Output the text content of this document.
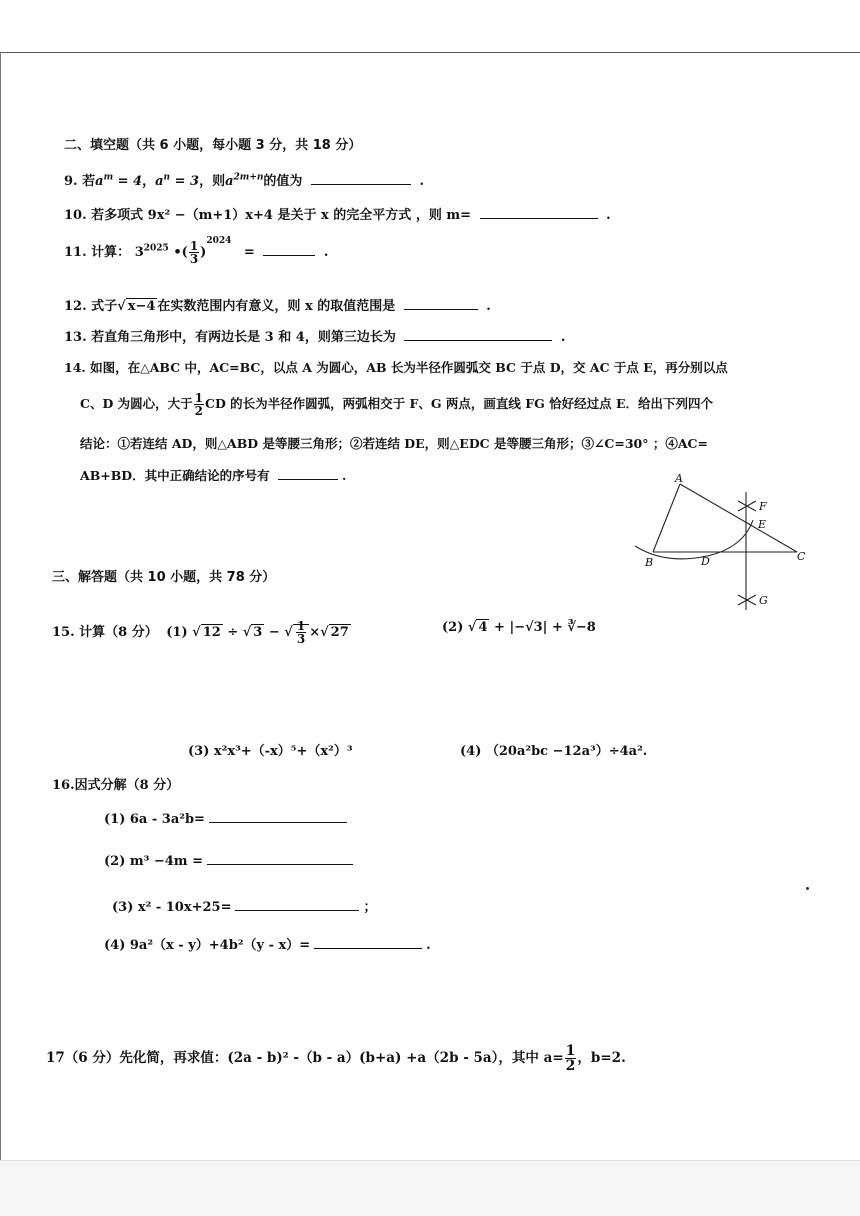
二、填空题（共 6 小题，每小题 3 分，共 18 分）
9. 若$a^m = 4$，$a^n = 3$，则$a^{2m+n}$的值为	.
10. 若多项式 9x² −（m+1）x+4 是关于 x 的完全平方式 ，则 m=	.
11. 计算： $3^{2025}$ •( $\frac{1}{3} )^{2024}$ =	.
12. 式子√ x−4 在实数范围内有意义，则 x 的取值范围是	.
13. 若直角三角形中，有两边长是 3 和 4，则第三边长为	.
14. 如图，在△ABC 中，AC=BC，以点 A 为圆心，AB 长为半径作圆弧交 BC 于点 D，交 AC 于点 E，再分别以点
C、D 为圆心，大于 $\frac{1}{2}$ CD 的长为半径作圆弧，两弧相交于 F、G 两点，画直线 FG 恰好经过点 E．给出下列四个
结论：①若连结 AD，则△ABD 是等腰三角形；②若连结 DE，则△EDC 是等腰三角形；③∠C=30° ；④AC=
AB+BD．其中正确结论的序号有	.	A
B	C
D
E
F
G
三、解答题（共 10 小题，共 78 分）
15. 计算（8 分） (1) √ 12 ÷ √ 3 − √ $\frac{1}{3}$ ×√ 27	(2) √ 4 + |−√3| + ∛−8
(3) x²x³+（-x）⁵+（x²）³	(4) （20a²bc −12a³）÷4a².
16.因式分解（8 分）
(1) 6a - 3a²b=
(2) m³ −4m =
(3) x² - 10x+25=	；
(4) 9a²（x - y）+4b²（y - x）=	.
17（6 分）先化简，再求值：(2a - b)² -（b - a）(b+a) +a（2b - 5a），其中 $a= \frac{1}{2}$ ，b=2.
